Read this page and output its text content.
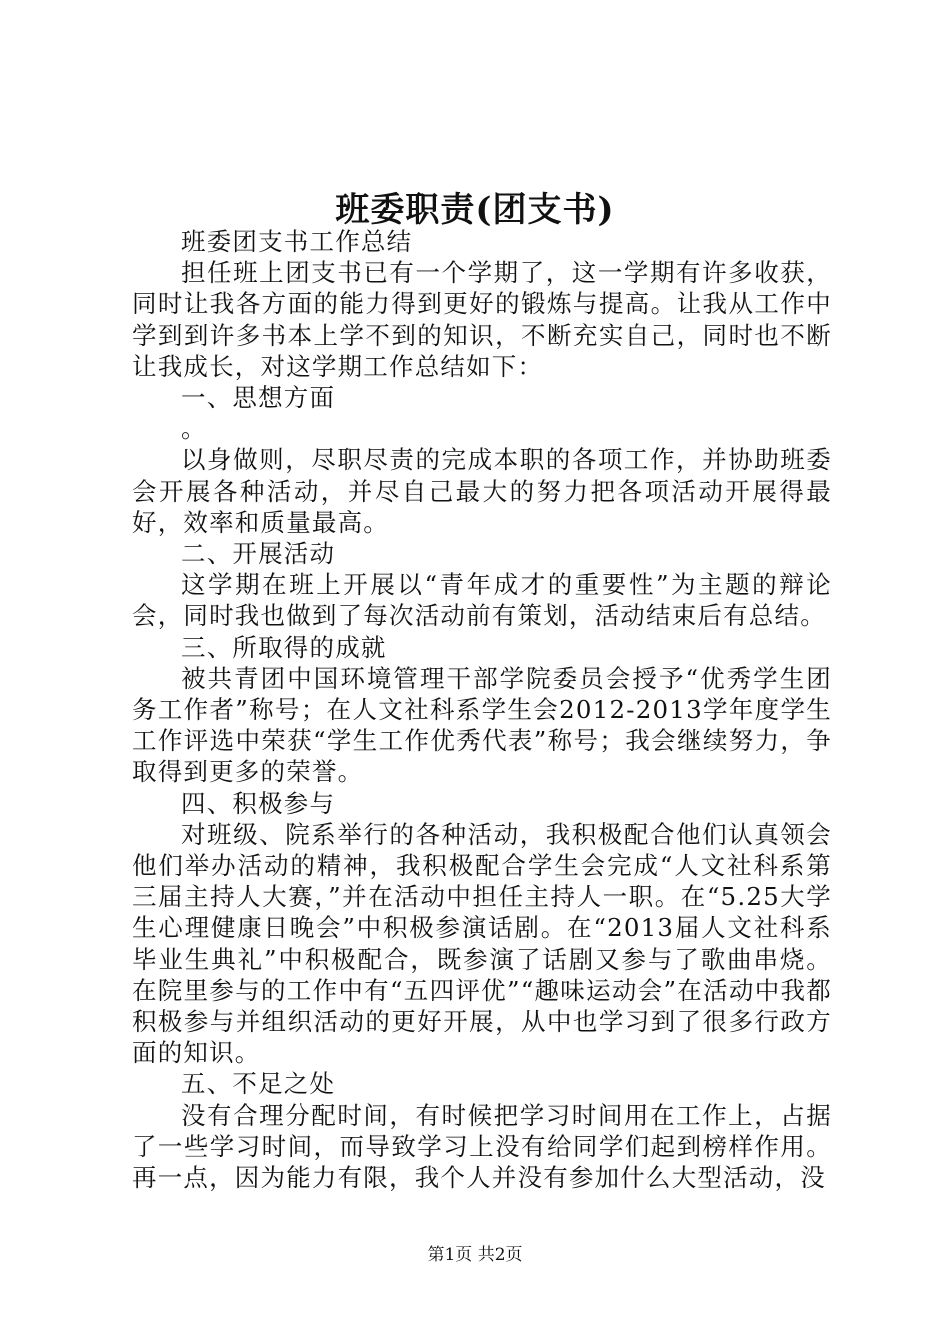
班委职责(团支书)

班委团支书工作总结

担任班上团支书已有一个学期了，这一学期有许多收获，同时让我各方面的能力得到更好的锻炼与提高。让我从工作中学到到许多书本上学不到的知识，不断充实自己，同时也不断让我成长，对这学期工作总结如下：

一、思想方面

。

以身做则，尽职尽责的完成本职的各项工作，并协助班委会开展各种活动，并尽自己最大的努力把各项活动开展得最好，效率和质量最高。

二、开展活动

这学期在班上开展以“青年成才的重要性”为主题的辩论会，同时我也做到了每次活动前有策划，活动结束后有总结。

三、所取得的成就

被共青团中国环境管理干部学院委员会授予“优秀学生团务工作者”称号；在人文社科系学生会2012-2013学年度学生工作评选中荣获“学生工作优秀代表”称号；我会继续努力，争取得到更多的荣誉。

四、积极参与

对班级、院系举行的各种活动，我积极配合他们认真领会他们举办活动的精神，我积极配合学生会完成“人文社科系第三届主持人大赛，”并在活动中担任主持人一职。在“5.25大学生心理健康日晚会”中积极参演话剧。在“2013届人文社科系毕业生典礼”中积极配合，既参演了话剧又参与了歌曲串烧。在院里参与的工作中有“五四评优”“趣味运动会”在活动中我都积极参与并组织活动的更好开展，从中也学习到了很多行政方面的知识。

五、不足之处

没有合理分配时间，有时候把学习时间用在工作上，占据了一些学习时间，而导致学习上没有给同学们起到榜样作用。再一点，因为能力有限，我个人并没有参加什么大型活动，没

第1页 共2页
